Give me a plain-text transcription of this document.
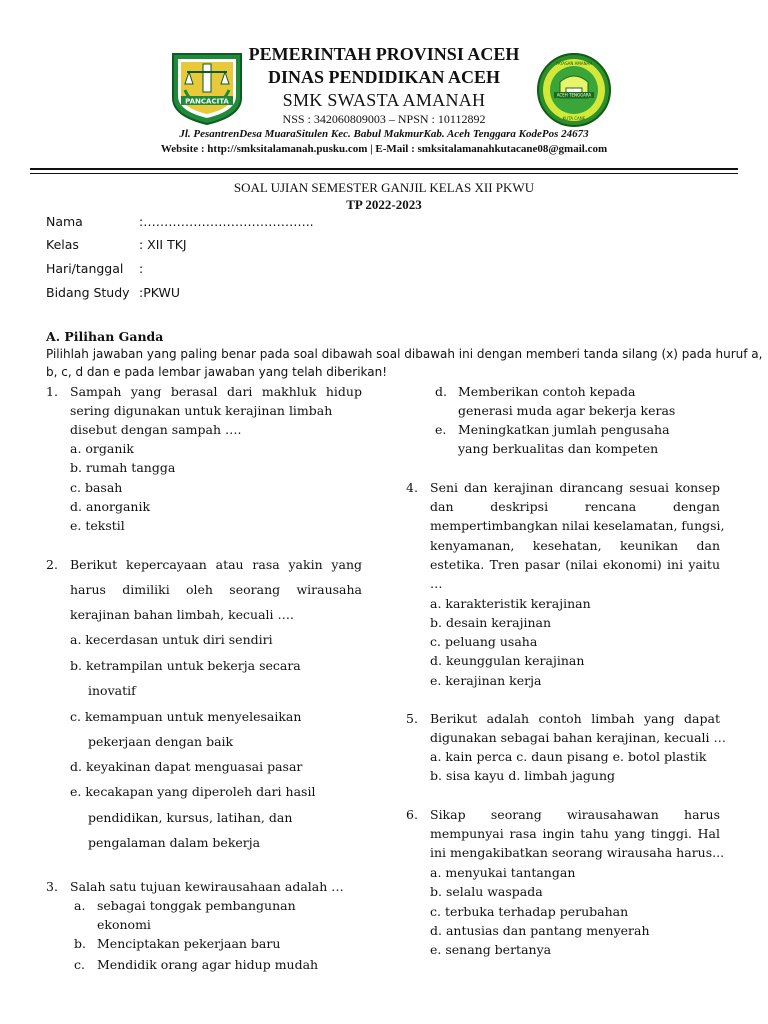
PANCACITA
YAYASAN AMANAH
ACEH TENGGARA
KUTA CANE
PEMERINTAH PROVINSI ACEH
DINAS PENDIDIKAN ACEH
SMK SWASTA AMANAH
NSS : 342060809003 – NPSN : 10112892
Jl. PesantrenDesa MuaraSitulen Kec. Babul MakmurKab. Aceh Tenggara KodePos 24673
Website : http://smksitalamanah.pusku.com | E-Mail : smksitalamanahkutacane08@gmail.com
SOAL UJIAN SEMESTER GANJIL KELAS XII PKWU
TP 2022-2023
Nama	:…………………………………..
Kelas	: XII TKJ
Hari/tanggal :
Bidang Study :PKWU
A. Pilihan Ganda
Pilihlah jawaban yang paling benar pada soal dibawah soal dibawah ini dengan memberi tanda silang (x) pada huruf a,
b, c, d dan e pada lembar jawaban yang telah diberikan!
1. Sampah yang berasal dari makhluk hidup
sering digunakan untuk kerajinan limbah
disebut dengan sampah ….
a. organik
b. rumah tangga
c. basah
d. anorganik
e. tekstil
2. Berikut kepercayaan atau rasa yakin yang
harus dimiliki oleh seorang wirausaha
kerajinan bahan limbah, kecuali ….
a. kecerdasan untuk diri sendiri
b. ketrampilan untuk bekerja secara
inovatif
c. kemampuan untuk menyelesaikan
pekerjaan dengan baik
d. keyakinan dapat menguasai pasar
e. kecakapan yang diperoleh dari hasil
pendidikan, kursus, latihan, dan
pengalaman dalam bekerja
3. Salah satu tujuan kewirausahaan adalah …
a. sebagai tonggak pembangunan
ekonomi
b. Menciptakan pekerjaan baru
c. Mendidik orang agar hidup mudah
d. Memberikan contoh kepada
generasi muda agar bekerja keras
e. Meningkatkan jumlah pengusaha
yang berkualitas dan kompeten
4. Seni dan kerajinan dirancang sesuai konsep
dan deskripsi rencana dengan
mempertimbangkan nilai keselamatan, fungsi,
kenyamanan, kesehatan, keunikan dan
estetika. Tren pasar (nilai ekonomi) ini yaitu
…
a. karakteristik kerajinan
b. desain kerajinan
c. peluang usaha
d. keunggulan kerajinan
e. kerajinan kerja
5. Berikut adalah contoh limbah yang dapat
digunakan sebagai bahan kerajinan, kecuali …
a. kain perca c. daun pisang e. botol plastik
b. sisa kayu d. limbah jagung
6. Sikap seorang wirausahawan harus
mempunyai rasa ingin tahu yang tinggi. Hal
ini mengakibatkan seorang wirausaha harus...
a. menyukai tantangan
b. selalu waspada
c. terbuka terhadap perubahan
d. antusias dan pantang menyerah
e. senang bertanya
